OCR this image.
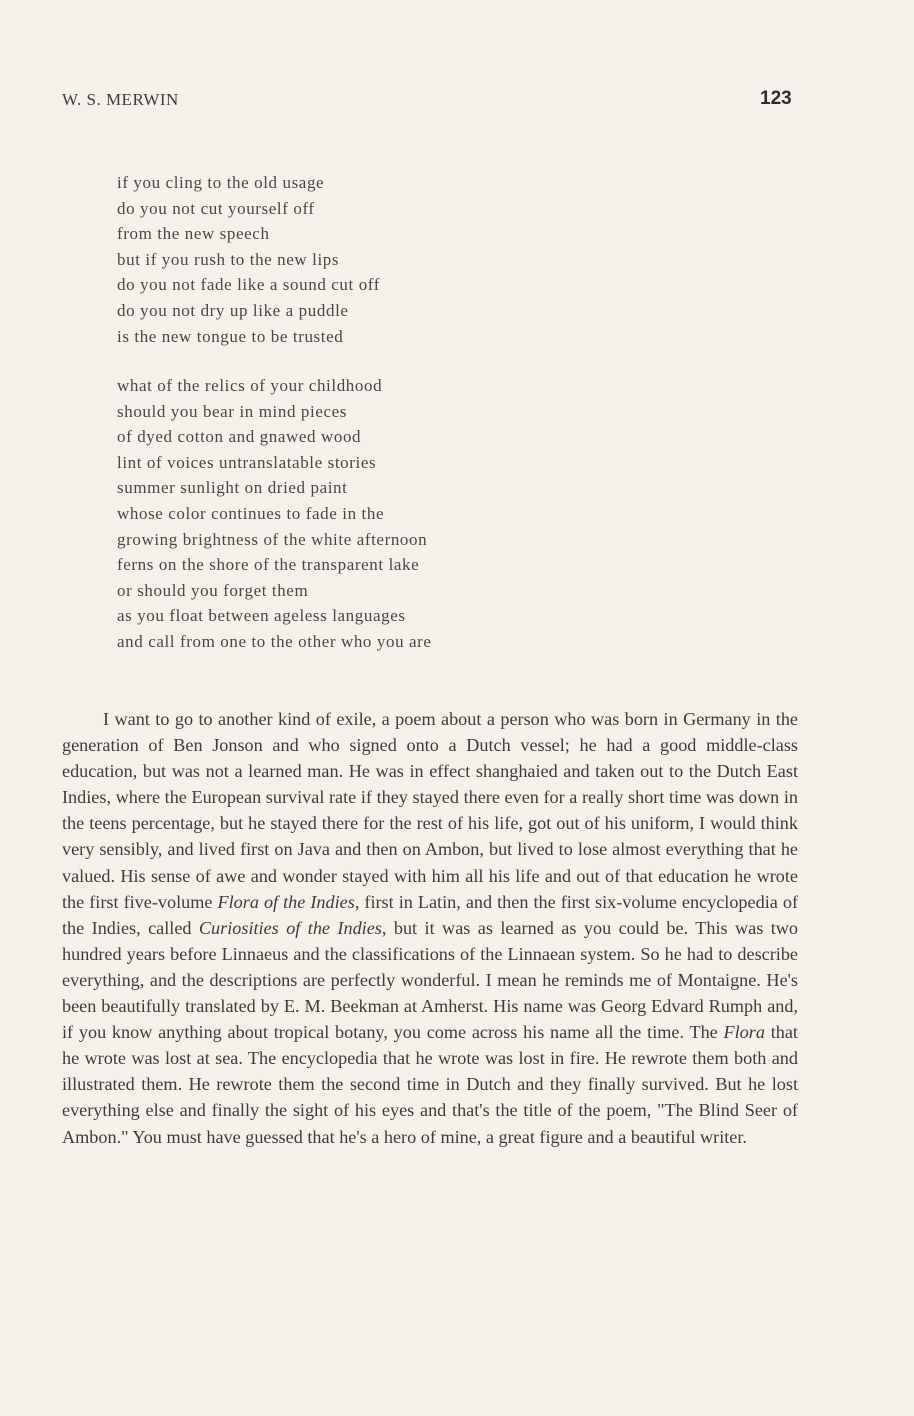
W. S. MERWIN	123
if you cling to the old usage
do you not cut yourself off
from the new speech
but if you rush to the new lips
do you not fade like a sound cut off
do you not dry up like a puddle
is the new tongue to be trusted
what of the relics of your childhood
should you bear in mind pieces
of dyed cotton and gnawed wood
lint of voices untranslatable stories
summer sunlight on dried paint
whose color continues to fade in the
growing brightness of the white afternoon
ferns on the shore of the transparent lake
or should you forget them
as you float between ageless languages
and call from one to the other who you are

I want to go to another kind of exile, a poem about a person who was born in Germany in the generation of Ben Jonson and who signed onto a Dutch vessel; he had a good middle-class education, but was not a learned man. He was in effect shanghaied and taken out to the Dutch East Indies, where the European survival rate if they stayed there even for a really short time was down in the teens percentage, but he stayed there for the rest of his life, got out of his uniform, I would think very sensibly, and lived first on Java and then on Ambon, but lived to lose almost everything that he valued. His sense of awe and wonder stayed with him all his life and out of that education he wrote the first five-volume Flora of the Indies, first in Latin, and then the first six-volume encyclopedia of the Indies, called Curiosities of the Indies, but it was as learned as you could be. This was two hundred years before Linnaeus and the classifications of the Linnaean system. So he had to describe everything, and the descriptions are perfectly wonderful. I mean he reminds me of Montaigne. He's been beautifully translated by E. M. Beekman at Amherst. His name was Georg Edvard Rumph and, if you know anything about tropical botany, you come across his name all the time. The Flora that he wrote was lost at sea. The encyclopedia that he wrote was lost in fire. He rewrote them both and illustrated them. He rewrote them the second time in Dutch and they finally survived. But he lost everything else and finally the sight of his eyes and that's the title of the poem, "The Blind Seer of Ambon." You must have guessed that he's a hero of mine, a great figure and a beautiful writer.
